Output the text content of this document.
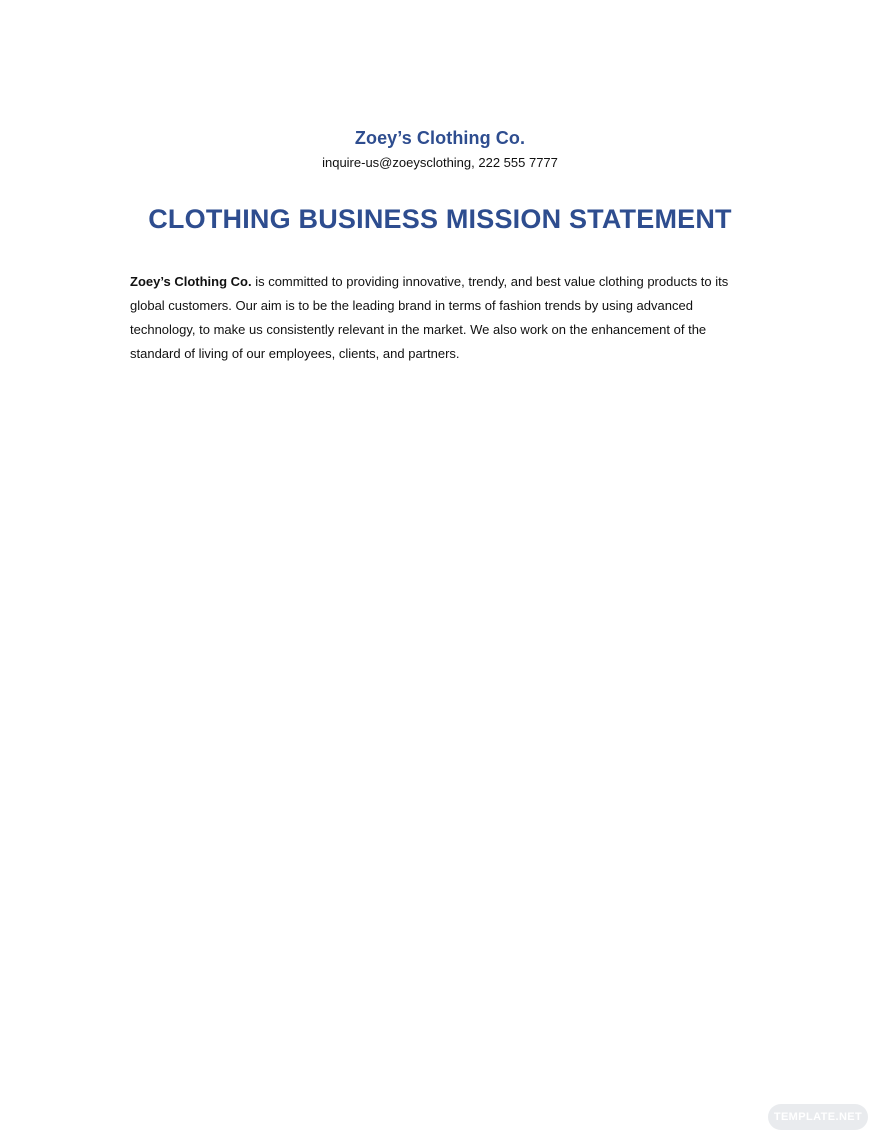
Zoey’s Clothing Co.
inquire-us@zoeysclothing, 222 555 7777
CLOTHING BUSINESS MISSION STATEMENT
Zoey’s Clothing Co. is committed to providing innovative, trendy, and best value clothing products to its global customers. Our aim is to be the leading brand in terms of fashion trends by using advanced technology, to make us consistently relevant in the market. We also work on the enhancement of the standard of living of our employees, clients, and partners.
TEMPLATE.NET
